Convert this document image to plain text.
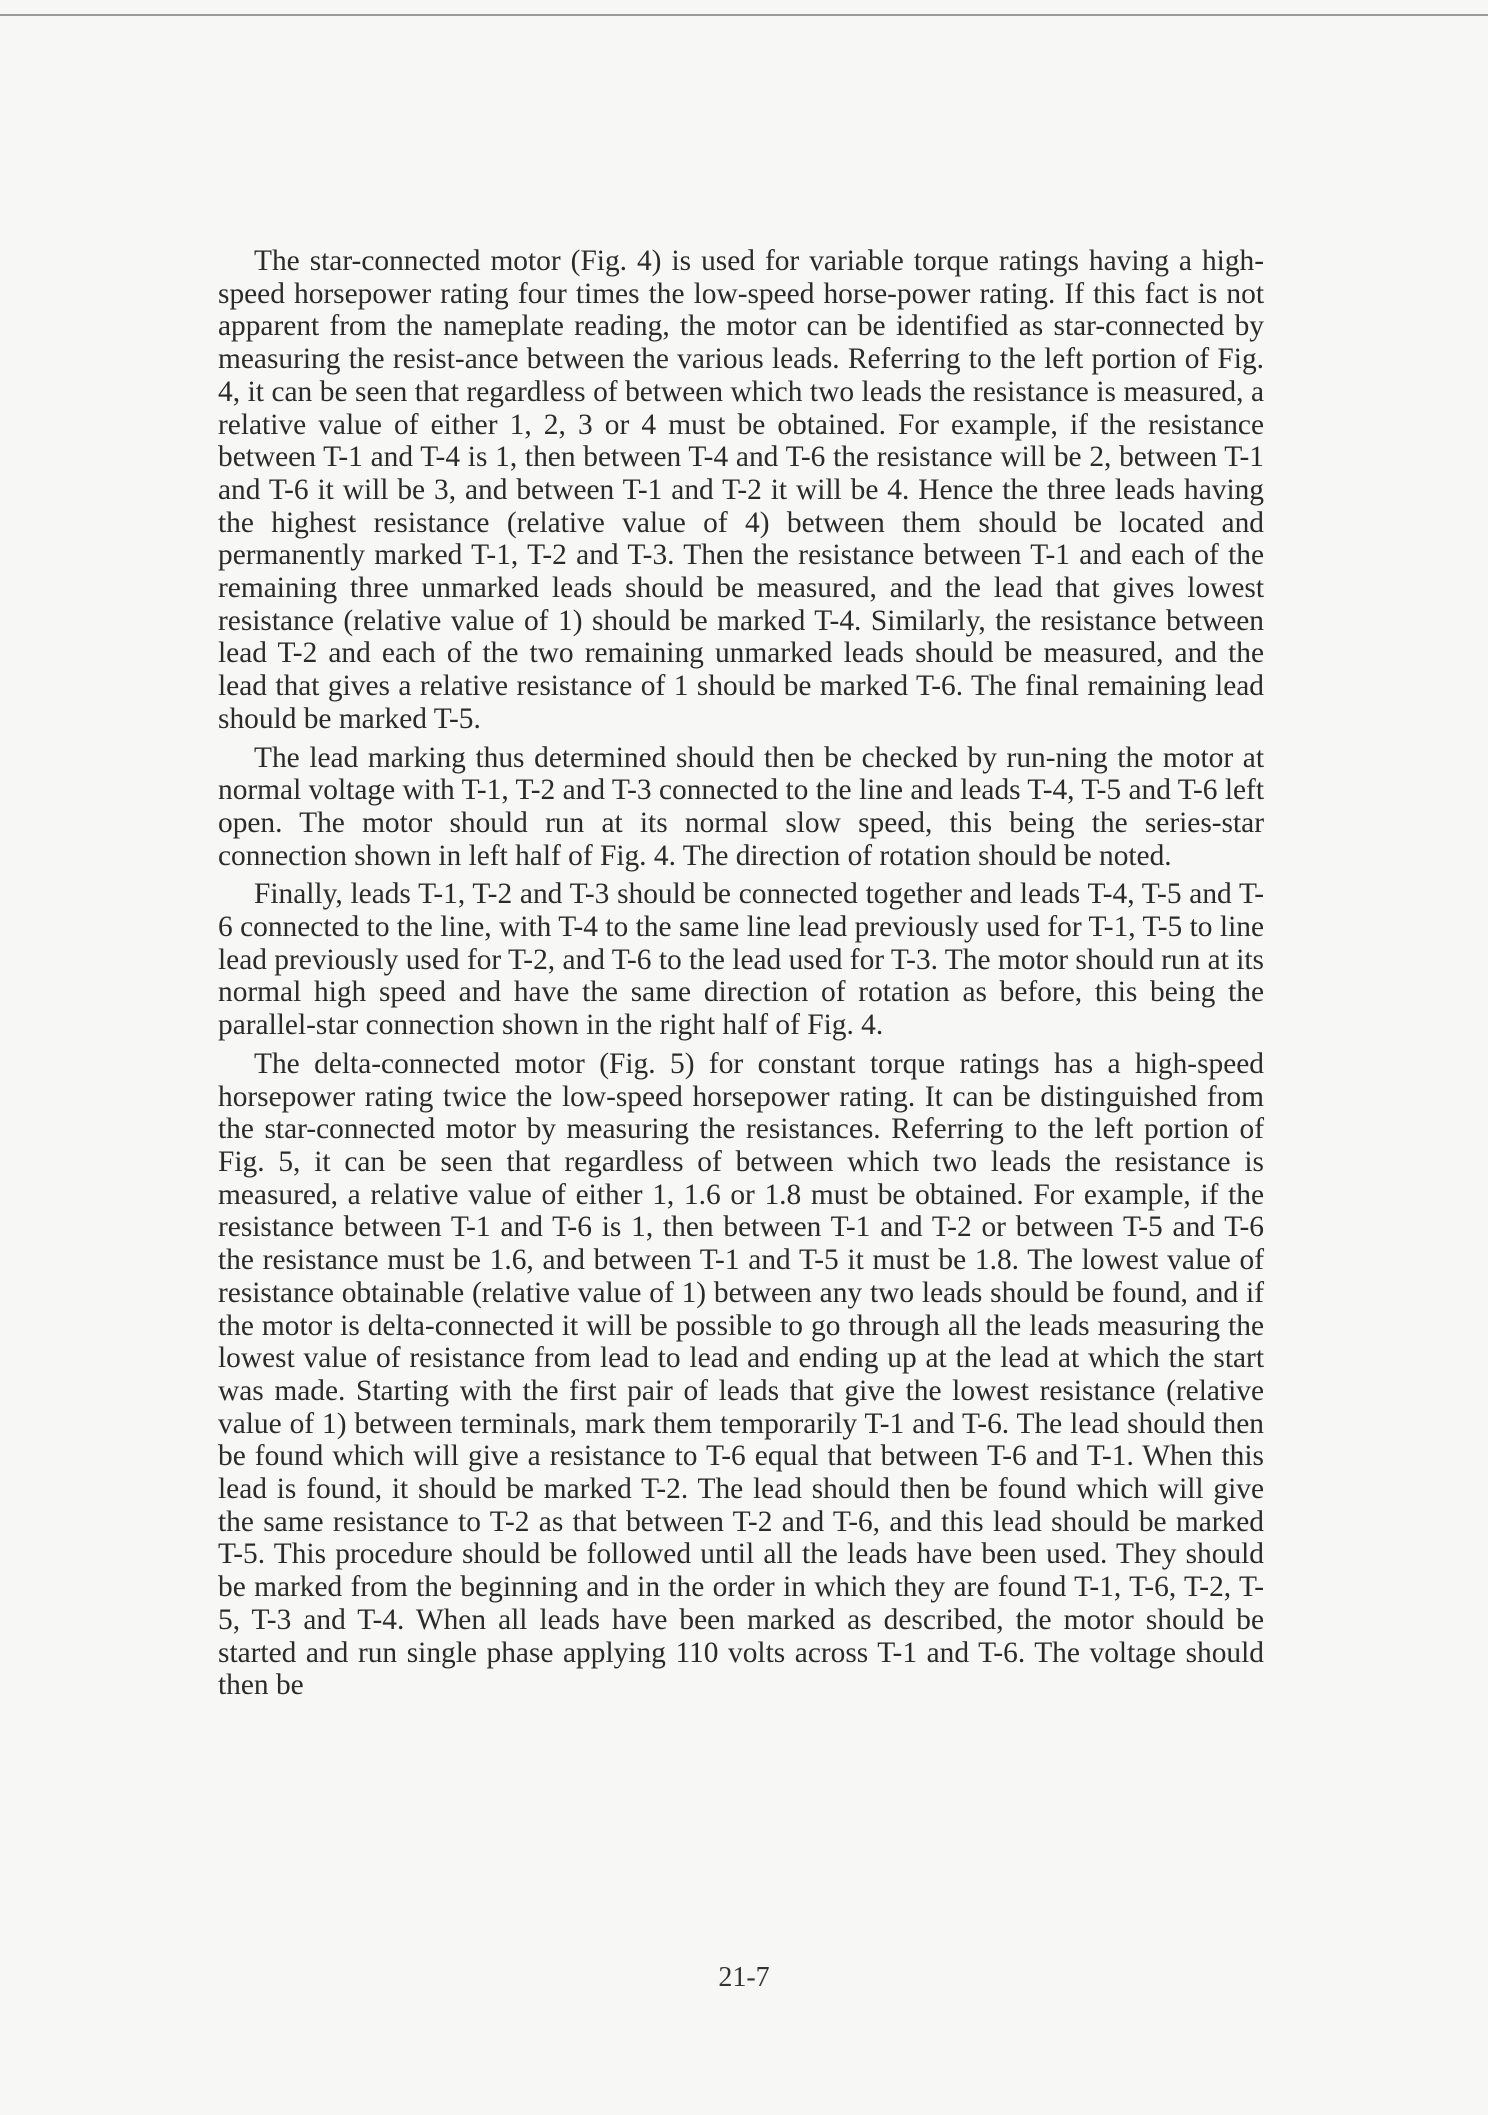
The star-connected motor (Fig. 4) is used for variable torque ratings having a high-speed horsepower rating four times the low-speed horse-power rating. If this fact is not apparent from the nameplate reading, the motor can be identified as star-connected by measuring the resist-ance between the various leads. Referring to the left portion of Fig. 4, it can be seen that regardless of between which two leads the resistance is measured, a relative value of either 1, 2, 3 or 4 must be obtained. For example, if the resistance between T-1 and T-4 is 1, then between T-4 and T-6 the resistance will be 2, between T-1 and T-6 it will be 3, and between T-1 and T-2 it will be 4. Hence the three leads having the highest resistance (relative value of 4) between them should be located and permanently marked T-1, T-2 and T-3. Then the resistance between T-1 and each of the remaining three unmarked leads should be measured, and the lead that gives lowest resistance (relative value of 1) should be marked T-4. Similarly, the resistance between lead T-2 and each of the two remaining unmarked leads should be measured, and the lead that gives a relative resistance of 1 should be marked T-6. The final remaining lead should be marked T-5.

The lead marking thus determined should then be checked by run-ning the motor at normal voltage with T-1, T-2 and T-3 connected to the line and leads T-4, T-5 and T-6 left open. The motor should run at its normal slow speed, this being the series-star connection shown in left half of Fig. 4. The direction of rotation should be noted.

Finally, leads T-1, T-2 and T-3 should be connected together and leads T-4, T-5 and T-6 connected to the line, with T-4 to the same line lead previously used for T-1, T-5 to line lead previously used for T-2, and T-6 to the lead used for T-3. The motor should run at its normal high speed and have the same direction of rotation as before, this being the parallel-star connection shown in the right half of Fig. 4.

The delta-connected motor (Fig. 5) for constant torque ratings has a high-speed horsepower rating twice the low-speed horsepower rating. It can be distinguished from the star-connected motor by measuring the resistances. Referring to the left portion of Fig. 5, it can be seen that regardless of between which two leads the resistance is measured, a relative value of either 1, 1.6 or 1.8 must be obtained. For example, if the resistance between T-1 and T-6 is 1, then between T-1 and T-2 or between T-5 and T-6 the resistance must be 1.6, and between T-1 and T-5 it must be 1.8. The lowest value of resistance obtainable (relative value of 1) between any two leads should be found, and if the motor is delta-connected it will be possible to go through all the leads measuring the lowest value of resistance from lead to lead and ending up at the lead at which the start was made. Starting with the first pair of leads that give the lowest resistance (relative value of 1) between terminals, mark them temporarily T-1 and T-6. The lead should then be found which will give a resistance to T-6 equal that between T-6 and T-1. When this lead is found, it should be marked T-2. The lead should then be found which will give the same resistance to T-2 as that between T-2 and T-6, and this lead should be marked T-5. This procedure should be followed until all the leads have been used. They should be marked from the beginning and in the order in which they are found T-1, T-6, T-2, T-5, T-3 and T-4. When all leads have been marked as described, the motor should be started and run single phase applying 110 volts across T-1 and T-6. The voltage should then be

21-7
